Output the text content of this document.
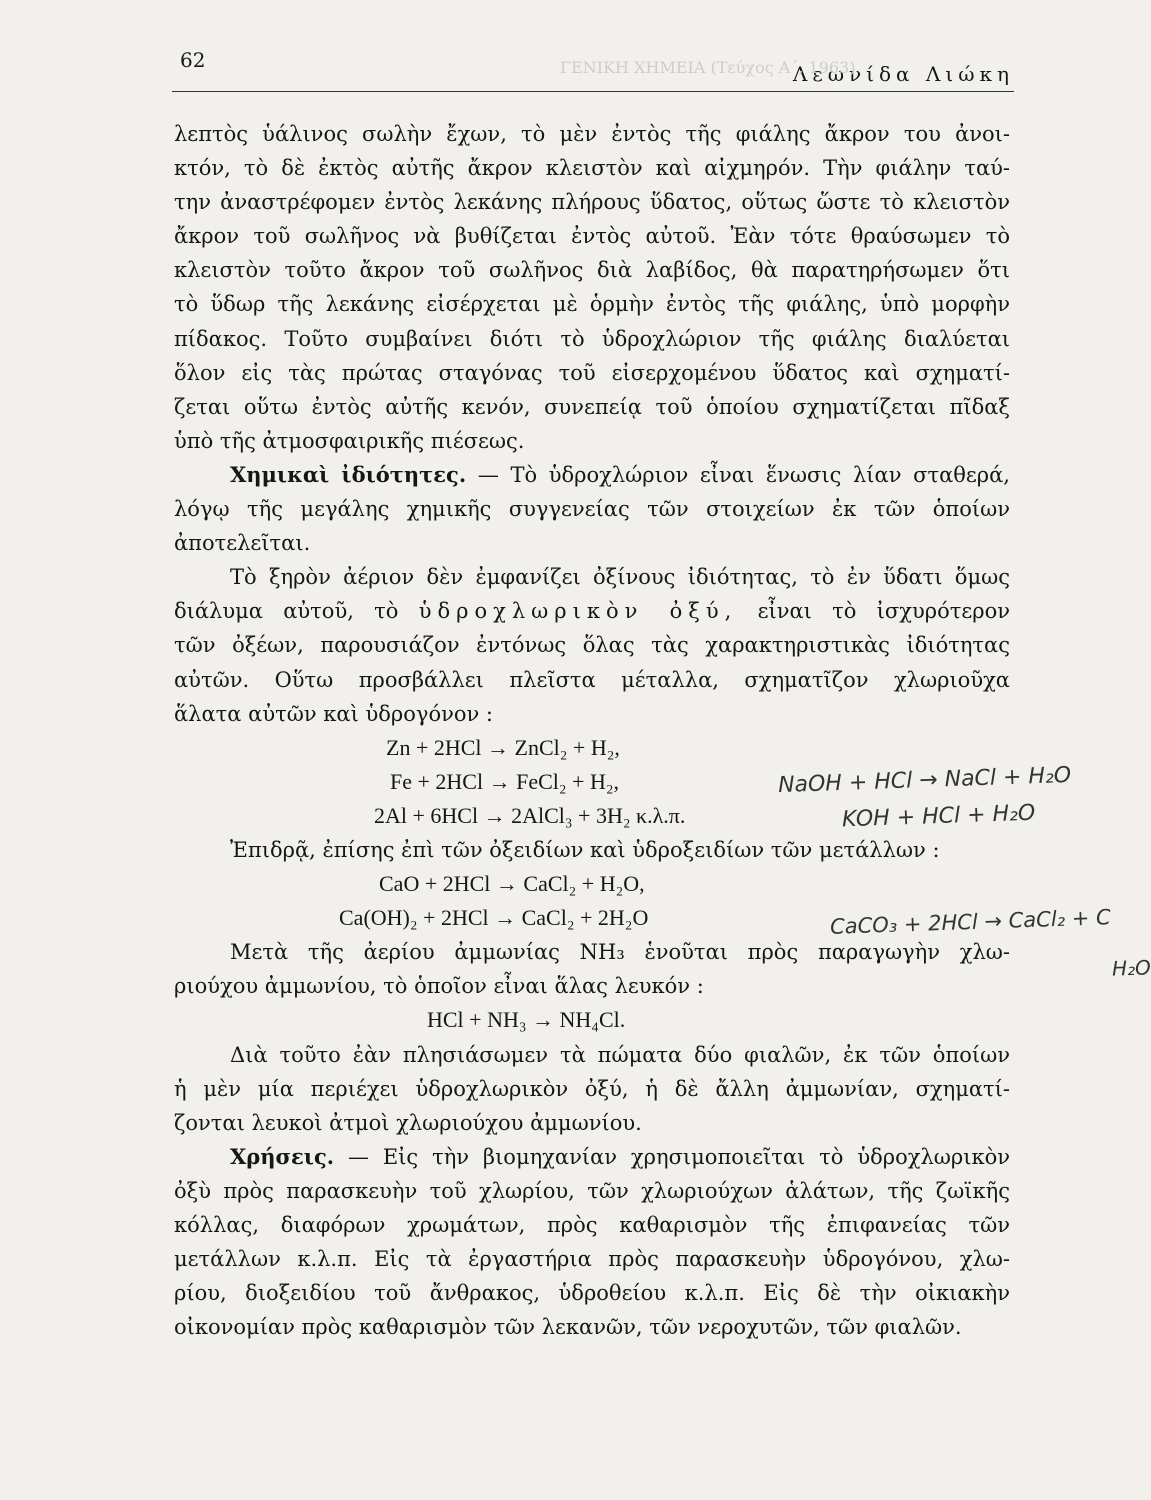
62
Λεωνίδα Λιώκη
ΓΕΝΙΚΗ ΧΗΜΕΙΑ (Τεύχος Α΄, 1963)
λεπτὸς ὑάλινος σωλὴν ἔχων, τὸ μὲν ἐντὸς τῆς φιάλης ἄκρον του ἀνοι-
κτόν, τὸ δὲ ἐκτὸς αὐτῆς ἄκρον κλειστὸν καὶ αἰχμηρόν. Τὴν φιάλην ταύ-
την ἀναστρέφομεν ἐντὸς λεκάνης πλήρους ὕδατος, οὕτως ὥστε τὸ κλειστὸν
ἄκρον τοῦ σωλῆνος νὰ βυθίζεται ἐντὸς αὐτοῦ. Ἐὰν τότε θραύσωμεν τὸ
κλειστὸν τοῦτο ἄκρον τοῦ σωλῆνος διὰ λαβίδος, θὰ παρατηρήσωμεν ὅτι
τὸ ὕδωρ τῆς λεκάνης εἰσέρχεται μὲ ὁρμὴν ἐντὸς τῆς φιάλης, ὑπὸ μορφὴν
πίδακος. Τοῦτο συμβαίνει διότι τὸ ὑδροχλώριον τῆς φιάλης διαλύεται
ὅλον εἰς τὰς πρώτας σταγόνας τοῦ εἰσερχομένου ὕδατος καὶ σχηματί-
ζεται οὕτω ἐντὸς αὐτῆς κενόν, συνεπείᾳ τοῦ ὁποίου σχηματίζεται πῖδαξ
ὑπὸ τῆς ἀτμοσφαιρικῆς πιέσεως.
Χημικαὶ ἰδιότητες. — Τὸ ὑδροχλώριον εἶναι ἕνωσις λίαν σταθερά,
λόγῳ τῆς μεγάλης χημικῆς συγγενείας τῶν στοιχείων ἐκ τῶν ὁποίων
ἀποτελεῖται.
Τὸ ξηρὸν ἀέριον δὲν ἐμφανίζει ὀξίνους ἰδιότητας, τὸ ἐν ὕδατι ὅμως
διάλυμα αὐτοῦ, τὸ ὑδροχλωρικὸν ὀξύ, εἶναι τὸ ἰσχυρότερον
τῶν ὀξέων, παρουσιάζον ἐντόνως ὅλας τὰς χαρακτηριστικὰς ἰδιότητας
αὐτῶν. Οὕτω προσβάλλει πλεῖστα μέταλλα, σχηματῖζον χλωριοῦχα
ἅλατα αὐτῶν καὶ ὑδρογόνον :
Zn + 2HCl → ZnCl₂ + H₂,
Fe + 2HCl → FeCl₂ + H₂,
2Al + 6HCl → 2AlCl₃ + 3H₂ κ.λ.π.
Ἐπιδρᾷ, ἐπίσης ἐπὶ τῶν ὀξειδίων καὶ ὑδροξειδίων τῶν μετάλλων :
CaO + 2HCl → CaCl₂ + H₂O,
Ca(OH)₂ + 2HCl → CaCl₂ + 2H₂O
Μετὰ τῆς ἀερίου ἀμμωνίας NH₃ ἑνοῦται πρὸς παραγωγὴν χλω-
ριούχου ἀμμωνίου, τὸ ὁποῖον εἶναι ἅλας λευκόν :
HCl + NH₃ → NH₄Cl.
Διὰ τοῦτο ἐὰν πλησιάσωμεν τὰ πώματα δύο φιαλῶν, ἐκ τῶν ὁποίων
ἡ μὲν μία περιέχει ὑδροχλωρικὸν ὀξύ, ἡ δὲ ἄλλη ἀμμωνίαν, σχηματί-
ζονται λευκοὶ ἀτμοὶ χλωριούχου ἀμμωνίου.
Χρήσεις. — Εἰς τὴν βιομηχανίαν χρησιμοποιεῖται τὸ ὑδροχλωρικὸν
ὀξὺ πρὸς παρασκευὴν τοῦ χλωρίου, τῶν χλωριούχων ἁλάτων, τῆς ζωϊκῆς
κόλλας, διαφόρων χρωμάτων, πρὸς καθαρισμὸν τῆς ἐπιφανείας τῶν
μετάλλων κ.λ.π. Εἰς τὰ ἐργαστήρια πρὸς παρασκευὴν ὑδρογόνου, χλω-
ρίου, διοξειδίου τοῦ ἄνθρακος, ὑδροθείου κ.λ.π. Εἰς δὲ τὴν οἰκιακὴν
οἰκονομίαν πρὸς καθαρισμὸν τῶν λεκανῶν, τῶν νεροχυτῶν, τῶν φιαλῶν.
NaOH + HCl → NaCl + H₂O
KOH + HCl + H₂O
CaCO₃ + 2HCl → CaCl₂ + C
H₂O
